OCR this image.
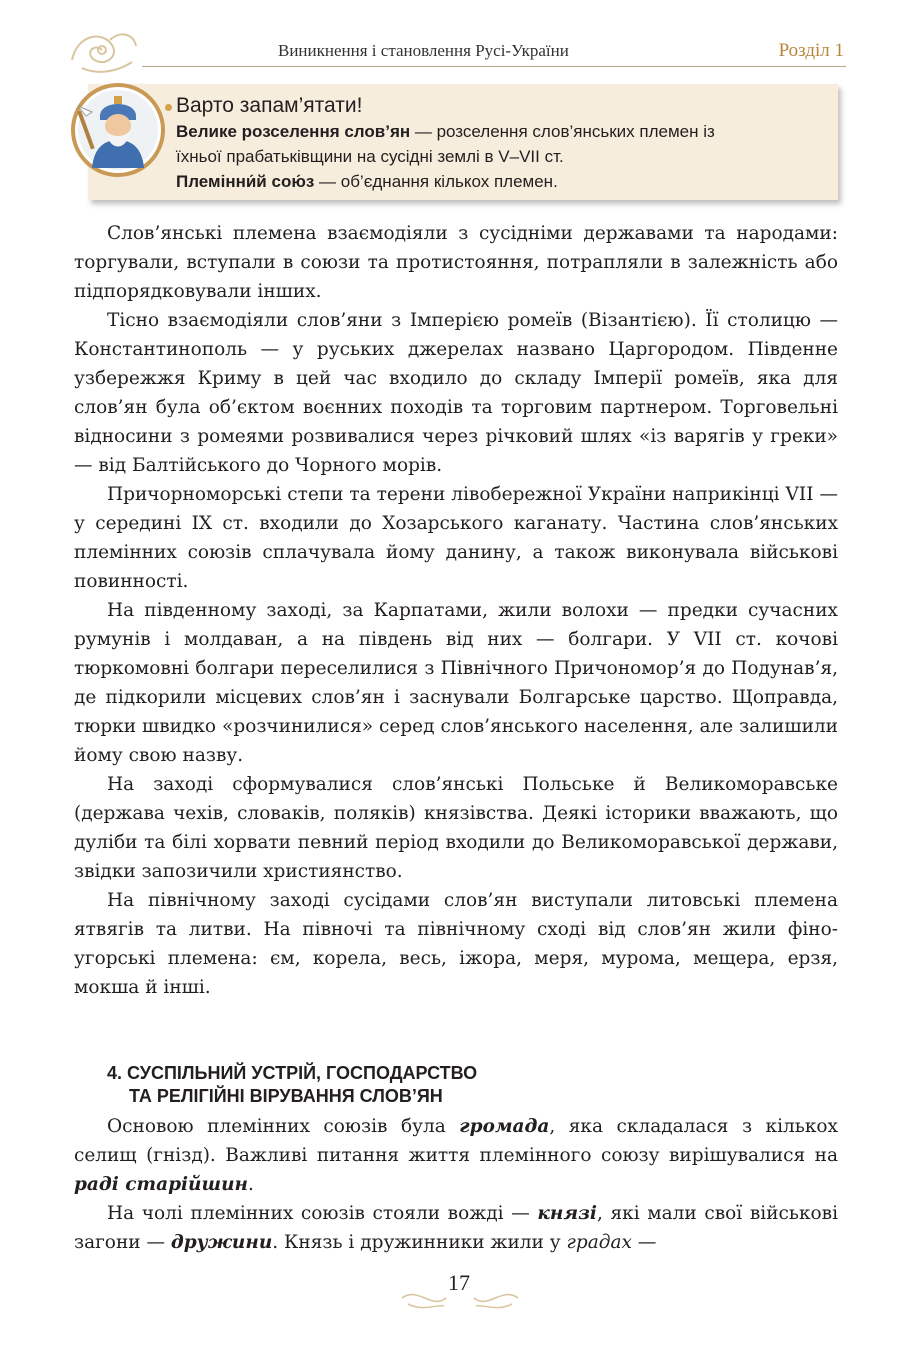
Виникнення і становлення Русі-України	Розділ 1
Варто запам’ятати!
Велике розселення слов’ян — розселення слов’янських племен із
їхньої прабатьківщини на сусідні землі в V–VII ст.
Племінни́й сою́з — об’єднання кількох племен.

Слов’янські племена взаємодіяли з сусідніми державами та народами: торгували, вступали в союзи та протистояння, потрапляли в залежність або підпорядковували інших.

Тісно взаємодіяли слов’яни з Імперією ромеїв (Візантією). Її столицю — Константинополь — у руських джерелах названо Царгородом. Південне узбережжя Криму в цей час входило до складу Імперії ромеїв, яка для слов’ян була об’єктом воєнних походів та торговим партнером. Торговельні відносини з ромеями розвивалися через річковий шлях «із варягів у греки» — від Балтійського до Чорного морів.

Причорноморські степи та терени лівобережної України наприкінці VII — у середині IX ст. входили до Хозарського каганату. Частина слов’янських племінних союзів сплачувала йому данину, а також виконувала військові повинності.

На південному заході, за Карпатами, жили волохи — предки сучасних румунів і молдаван, а на південь від них — болгари. У VII ст. кочові тюркомовні болгари переселилися з Північного Причономор’я до Подунав’я, де підкорили місцевих слов’ян і заснували Болгарське царство. Щоправда, тюрки швидко «розчинилися» серед слов’янського населення, але залишили йому свою назву.

На заході сформувалися слов’янські Польське й Великоморавське (держава чехів, словаків, поляків) князівства. Деякі історики вважають, що дуліби та білі хорвати певний період входили до Великоморавської держави, звідки запозичили християнство.

На північному заході сусідами слов’ян виступали литовські племена ятвягів та литви. На півночі та північному сході від слов’ян жили фіно-угорські племена: єм, корела, весь, іжора, меря, мурома, мещера, ерзя, мокша й інші.

4. СУСПІЛЬНИЙ УСТРІЙ, ГОСПОДАРСТВО
ТА РЕЛІГІЙНІ ВІРУВАННЯ СЛОВ’ЯН

Основою племінних союзів була громада, яка складалася з кількох селищ (гнізд). Важливі питання життя племінного союзу вирішувалися на раді старійшин.

На чолі племінних союзів стояли вожді — князі, які мали свої військові загони — дружини. Князь і дружинники жили у градах —

17
